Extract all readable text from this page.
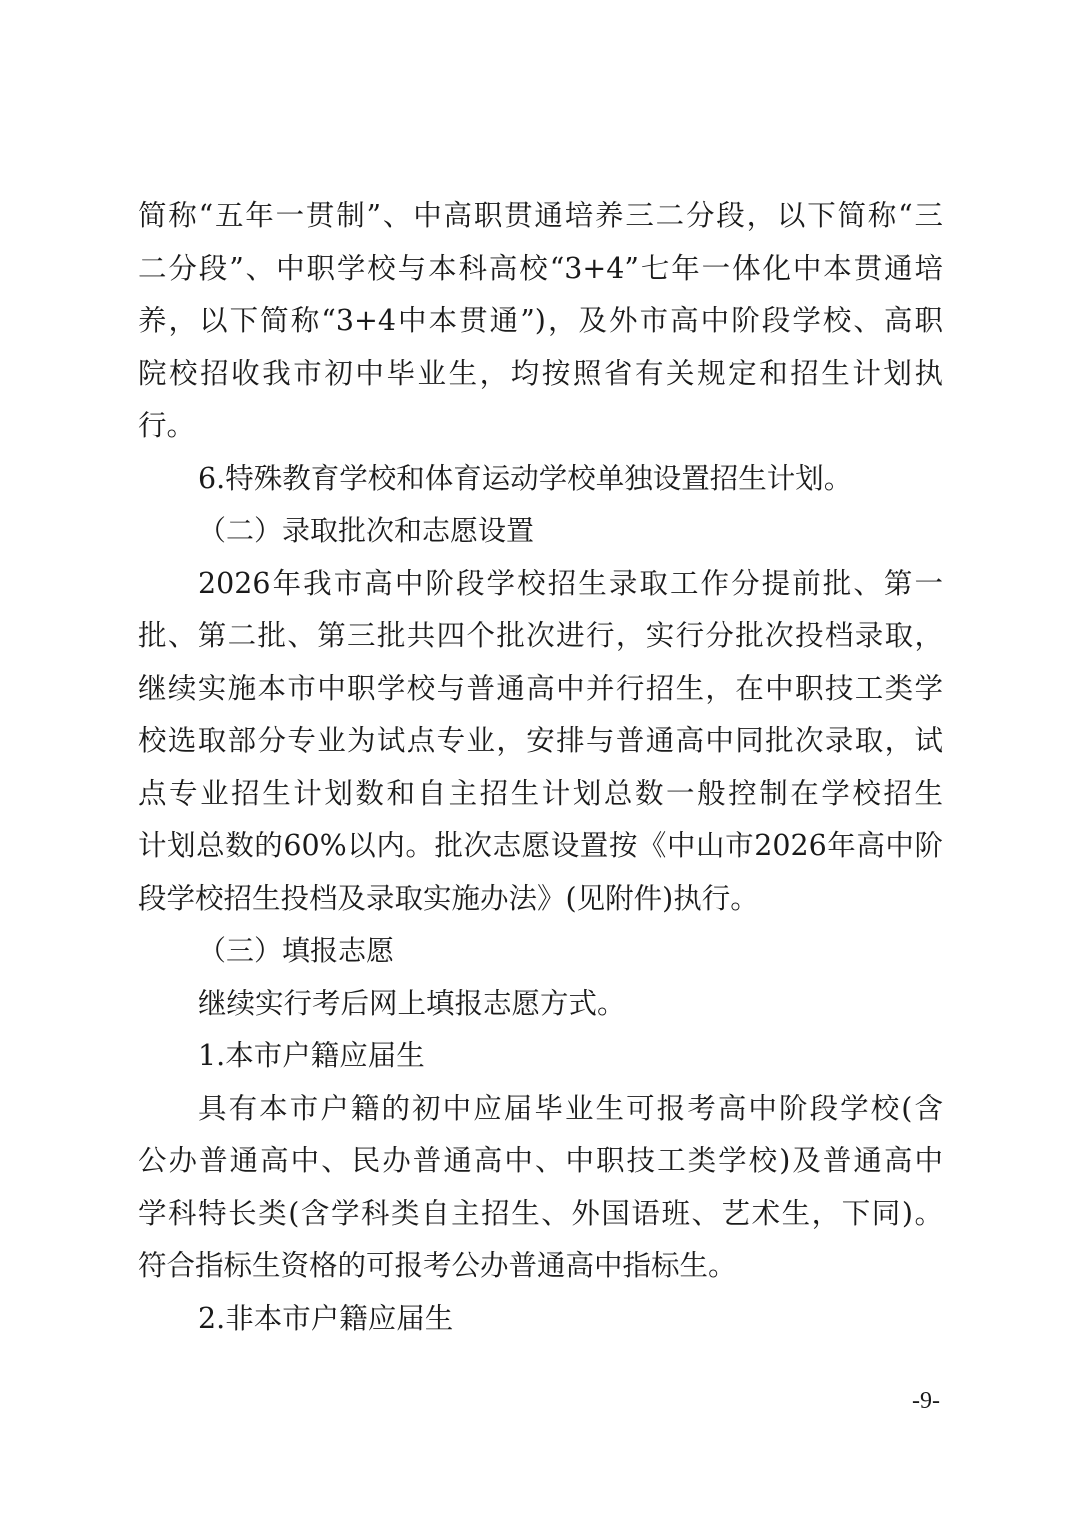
简称“五年一贯制”、中高职贯通培养三二分段，以下简称“三
二分段”、中职学校与本科高校“3+4”七年一体化中本贯通培
养，以下简称“3+4中本贯通”)，及外市高中阶段学校、高职
院校招收我市初中毕业生，均按照省有关规定和招生计划执
行。
6.特殊教育学校和体育运动学校单独设置招生计划。
（二）录取批次和志愿设置
2026年我市高中阶段学校招生录取工作分提前批、第一
批、第二批、第三批共四个批次进行，实行分批次投档录取，
继续实施本市中职学校与普通高中并行招生，在中职技工类学
校选取部分专业为试点专业，安排与普通高中同批次录取，试
点专业招生计划数和自主招生计划总数一般控制在学校招生
计划总数的60%以内。批次志愿设置按《中山市2026年高中阶
段学校招生投档及录取实施办法》(见附件)执行。
（三）填报志愿
继续实行考后网上填报志愿方式。
1.本市户籍应届生
具有本市户籍的初中应届毕业生可报考高中阶段学校(含
公办普通高中、民办普通高中、中职技工类学校)及普通高中
学科特长类(含学科类自主招生、外国语班、艺术生，下同)。
符合指标生资格的可报考公办普通高中指标生。
2.非本市户籍应届生
-9-
